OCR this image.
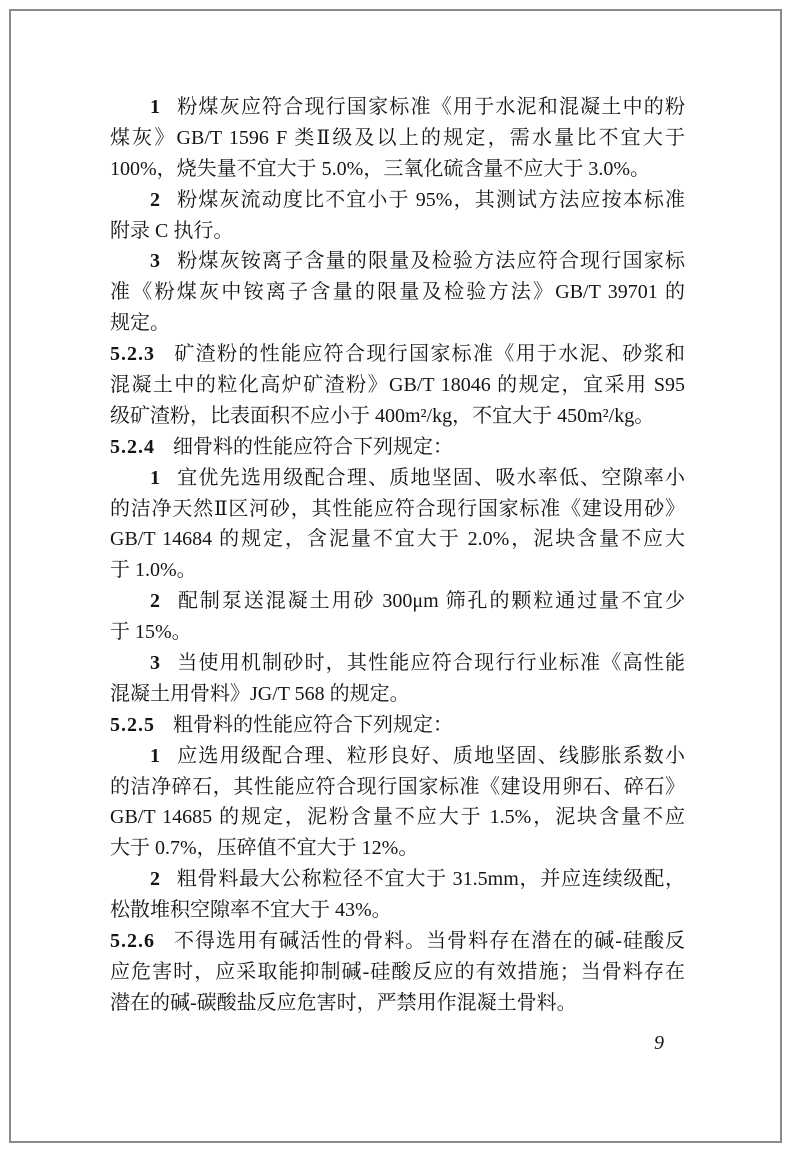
1 粉煤灰应符合现行国家标准《用于水泥和混凝土中的粉
煤灰》GB/T 1596 F 类Ⅱ级及以上的规定，需水量比不宜大于
100%，烧失量不宜大于 5.0%，三氧化硫含量不应大于 3.0%。
2 粉煤灰流动度比不宜小于 95%，其测试方法应按本标准
附录 C 执行。
3 粉煤灰铵离子含量的限量及检验方法应符合现行国家标
准《粉煤灰中铵离子含量的限量及检验方法》GB/T 39701 的
规定。
5.2.3 矿渣粉的性能应符合现行国家标准《用于水泥、砂浆和
混凝土中的粒化高炉矿渣粉》GB/T 18046 的规定，宜采用 S95
级矿渣粉，比表面积不应小于 400m²/kg，不宜大于 450m²/kg。
5.2.4 细骨料的性能应符合下列规定：
1 宜优先选用级配合理、质地坚固、吸水率低、空隙率小
的洁净天然Ⅱ区河砂，其性能应符合现行国家标准《建设用砂》
GB/T 14684 的规定，含泥量不宜大于 2.0%，泥块含量不应大
于 1.0%。
2 配制泵送混凝土用砂 300μm 筛孔的颗粒通过量不宜少
于 15%。
3 当使用机制砂时，其性能应符合现行行业标准《高性能
混凝土用骨料》JG/T 568 的规定。
5.2.5 粗骨料的性能应符合下列规定：
1 应选用级配合理、粒形良好、质地坚固、线膨胀系数小
的洁净碎石，其性能应符合现行国家标准《建设用卵石、碎石》
GB/T 14685 的规定，泥粉含量不应大于 1.5%，泥块含量不应
大于 0.7%，压碎值不宜大于 12%。
2 粗骨料最大公称粒径不宜大于 31.5mm，并应连续级配，
松散堆积空隙率不宜大于 43%。
5.2.6 不得选用有碱活性的骨料。当骨料存在潜在的碱-硅酸反
应危害时，应采取能抑制碱-硅酸反应的有效措施；当骨料存在
潜在的碱-碳酸盐反应危害时，严禁用作混凝土骨料。
9
